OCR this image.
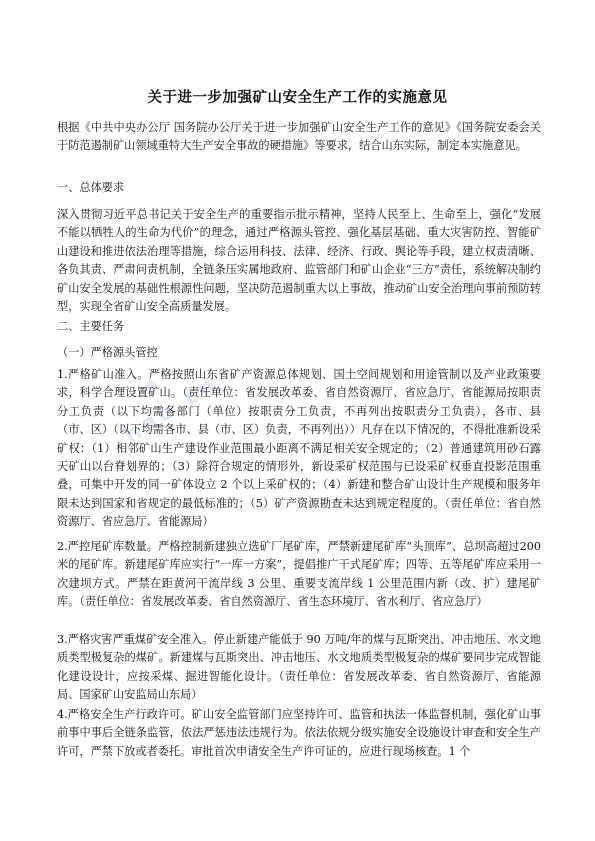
hao.cn
关于进一步加强矿山安全生产工作的实施意见

根据《中共中央办公厅 国务院办公厅关于进一步加强矿山安全生产工作的意见》《国务院安委会关于防范遏制矿山领域重特大生产安全事故的硬措施》等要求，结合山东实际，制定本实施意见。

一、总体要求

深入贯彻习近平总书记关于安全生产的重要指示批示精神，坚持人民至上、生命至上，强化“发展不能以牺牲人的生命为代价”的理念，通过严格源头管控、强化基层基础、重大灾害防控、智能矿山建设和推进依法治理等措施，综合运用科技、法律、经济、行政、舆论等手段，建立权责清晰、各负其责、严肃问责机制，全链条压实属地政府、监管部门和矿山企业“三方”责任，系统解决制约矿山安全发展的基础性根源性问题，坚决防范遏制重大以上事故，推动矿山安全治理向事前预防转型，实现全省矿山安全高质量发展。

二、主要任务

（一）严格源头管控

1.严格矿山准入。严格按照山东省矿产资源总体规划、国土空间规划和用途管制以及产业政策要求，科学合理设置矿山。（责任单位：省发展改革委、省自然资源厅、省应急厅、省能源局按职责分工负责（以下均需各部门（单位）按职责分工负责，不再列出按职责分工负责），各市、县（市、区）（以下均需各市、县（市、区）负责，不再列出））凡存在以下情况的，不得批准新设采矿权：（1）相邻矿山生产建设作业范围最小距离不满足相关安全规定的；（2）普通建筑用砂石露天矿山以台脊划界的；（3）除符合规定的情形外，新设采矿权范围与已设采矿权垂直投影范围重叠，可集中开发的同一矿体设立 2 个以上采矿权的；（4）新建和整合矿山设计生产规模和服务年限未达到国家和省规定的最低标准的；（5）矿产资源勘查未达到规定程度的。（责任单位：省自然资源厅、省应急厅、省能源局）

2.严控尾矿库数量。严格控制新建独立选矿厂尾矿库，严禁新建尾矿库“头顶库”、总坝高超过200米的尾矿库。新建尾矿库应实行“一库一方案”，提倡推广干式尾矿库；四等、五等尾矿库应采用一次建坝方式。严禁在距黄河干流岸线 3 公里、重要支流岸线 1 公里范围内新（改、扩）建尾矿库。（责任单位：省发展改革委、省自然资源厅、省生态环境厅、省水利厅、省应急厅）

3.严格灾害严重煤矿安全准入。停止新建产能低于 90 万吨/年的煤与瓦斯突出、冲击地压、水文地质类型极复杂的煤矿。新建煤与瓦斯突出、冲击地压、水文地质类型极复杂的煤矿要同步完成智能化建设设计，应按采煤、掘进智能化设计。（责任单位：省发展改革委、省自然资源厅、省能源局、国家矿山安监局山东局）

4.严格安全生产行政许可。矿山安全监管部门应坚持许可、监管和执法一体监督机制，强化矿山事前事中事后全链条监管，依法严惩违法违规行为。依法依规分级实施安全设施设计审查和安全生产许可，严禁下放或者委托。审批首次申请安全生产许可证的，应进行现场核查。1 个
